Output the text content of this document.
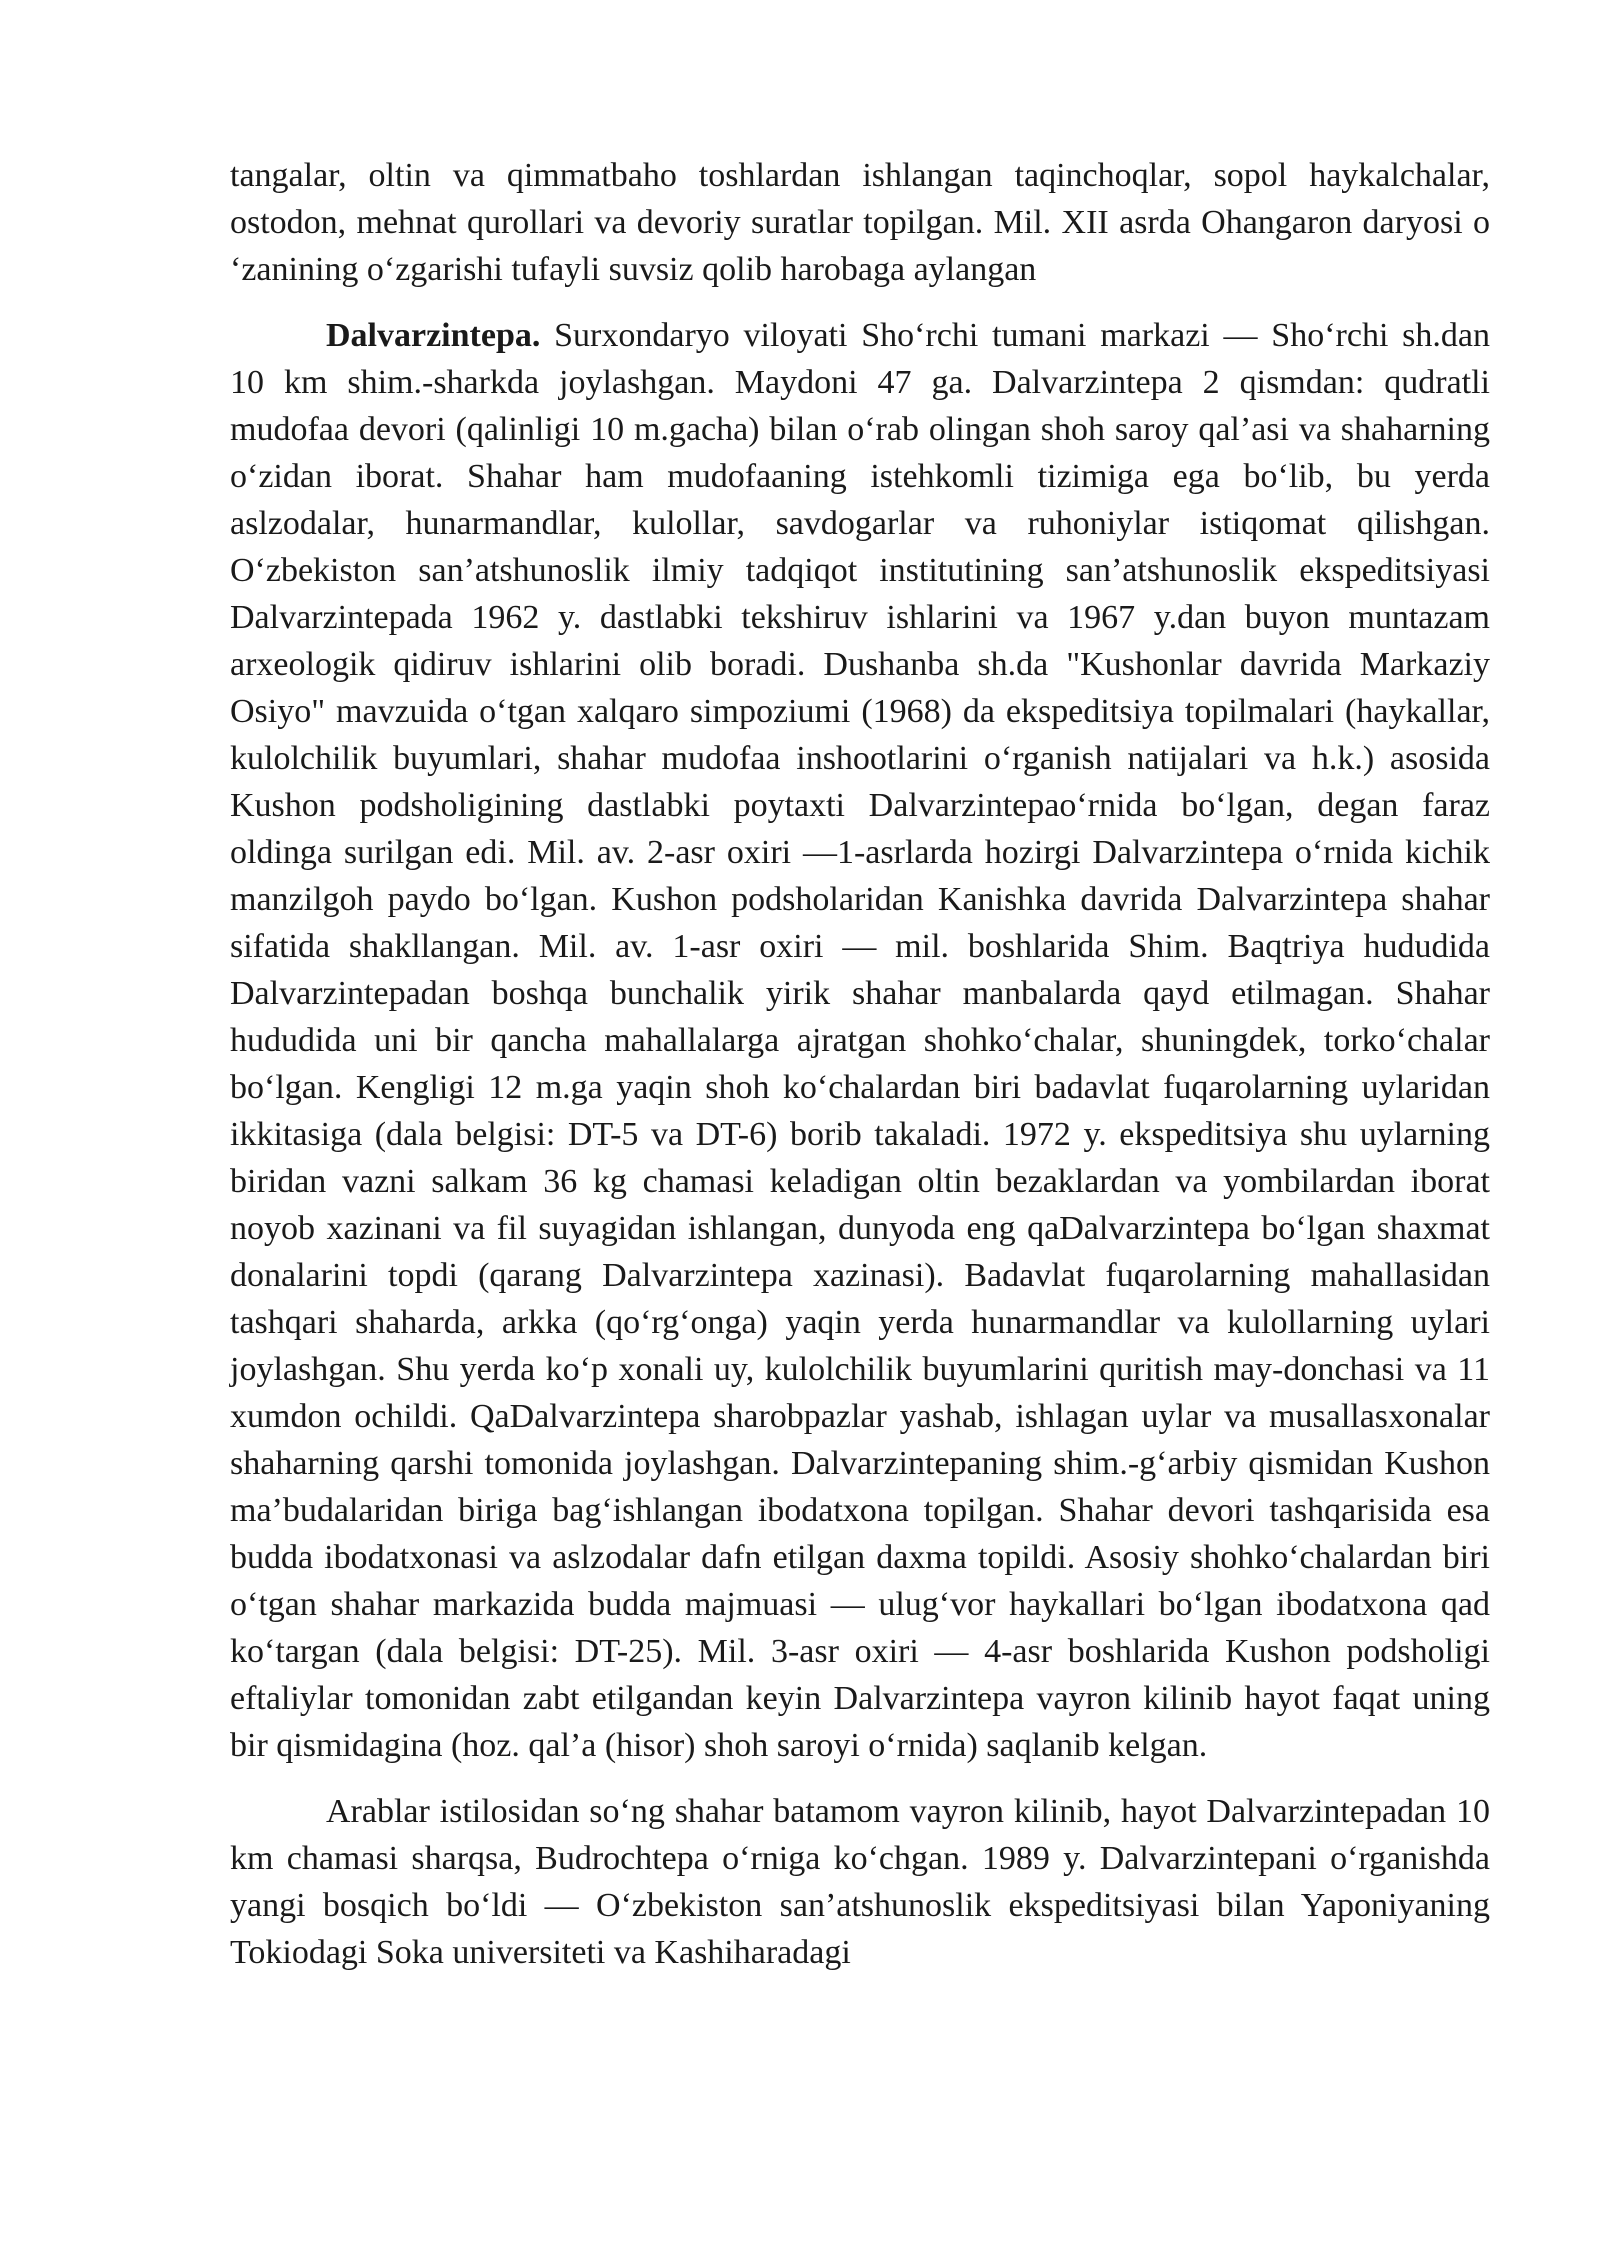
tangalar, oltin va qimmatbaho toshlardan ishlangan taqinchoqlar, sopol haykalchalar, ostodon, mehnat qurollari va devoriy suratlar topilgan. Mil. XII asrda Ohangaron daryosi o ‘zanining o‘zgarishi tufayli suvsiz qolib harobaga aylangan

Dalvarzintepa. Surxondaryo viloyati Sho‘rchi tumani markazi — Sho‘rchi sh.dan 10 km shim.-sharkda joylashgan. Maydoni 47 ga. Dalvarzintepa 2 qismdan: qudratli mudofaa devori (qalinligi 10 m.gacha) bilan o‘rab olingan shoh saroy qal’asi va shaharning o‘zidan iborat. Shahar ham mudofaaning istehkomli tizimiga ega bo‘lib, bu yerda aslzodalar, hunarmandlar, kulollar, savdogarlar va ruhoniylar istiqomat qilishgan. O‘zbekiston san’atshunoslik ilmiy tadqiqot institutining san’atshunoslik ekspeditsiyasi Dalvarzintepada 1962 y. dastlabki tekshiruv ishlarini va 1967 y.dan buyon muntazam arxeologik qidiruv ishlarini olib boradi. Dushanba sh.da "Kushonlar davrida Markaziy Osiyo" mavzuida o‘tgan xalqaro simpoziumi (1968) da ekspeditsiya topilmalari (haykallar, kulolchilik buyumlari, shahar mudofaa inshootlarini o‘rganish natijalari va h.k.) asosida Kushon podsholigining dastlabki poytaxti Dalvarzintepao‘rnida bo‘lgan, degan faraz oldinga surilgan edi. Mil. av. 2-asr oxiri —1-asrlarda hozirgi Dalvarzintepa o‘rnida kichik manzilgoh paydo bo‘lgan. Kushon podsholaridan Kanishka davrida Dalvarzintepa shahar sifatida shakllangan. Mil. av. 1-asr oxiri — mil. boshlarida Shim. Baqtriya hududida Dalvarzintepadan boshqa bunchalik yirik shahar manbalarda qayd etilmagan. Shahar hududida uni bir qancha mahallalarga ajratgan shohko‘chalar, shuningdek, torko‘chalar bo‘lgan. Kengligi 12 m.ga yaqin shoh ko‘chalardan biri badavlat fuqarolarning uylaridan ikkitasiga (dala belgisi: DT-5 va DT-6) borib takaladi. 1972 y. ekspeditsiya shu uylarning biridan vazni salkam 36 kg chamasi keladigan oltin bezaklardan va yombilardan iborat noyob xazinani va fil suyagidan ishlangan, dunyoda eng qaDalvarzintepa bo‘lgan shaxmat donalarini topdi (qarang Dalvarzintepa xazinasi). Badavlat fuqarolarning mahallasidan tashqari shaharda, arkka (qo‘rg‘onga) yaqin yerda hunarmandlar va kulollarning uylari joylashgan. Shu yerda ko‘p xonali uy, kulolchilik buyumlarini quritish may-donchasi va 11 xumdon ochildi. QaDalvarzintepa sharobpazlar yashab, ishlagan uylar va musallasxonalar shaharning qarshi tomonida joylashgan. Dalvarzintepaning shim.-g‘arbiy qismidan Kushon ma’budalaridan biriga bag‘ishlangan ibodatxona topilgan. Shahar devori tashqarisida esa budda ibodatxonasi va aslzodalar dafn etilgan daxma topildi. Asosiy shohko‘chalardan biri o‘tgan shahar markazida budda majmuasi — ulug‘vor haykallari bo‘lgan ibodatxona qad ko‘targan (dala belgisi: DT-25). Mil. 3-asr oxiri — 4-asr boshlarida Kushon podsholigi eftaliylar tomonidan zabt etilgandan keyin Dalvarzintepa vayron kilinib hayot faqat uning bir qismidagina (hoz. qal’a (hisor) shoh saroyi o‘rnida) saqlanib kelgan.

Arablar istilosidan so‘ng shahar batamom vayron kilinib, hayot Dalvarzintepadan 10 km chamasi sharqsa, Budrochtepa o‘rniga ko‘chgan. 1989 y. Dalvarzintepani o‘rganishda yangi bosqich bo‘ldi — O‘zbekiston san’atshunoslik ekspeditsiyasi bilan Yaponiyaning Tokiodagi Soka universiteti va Kashiharadagi
